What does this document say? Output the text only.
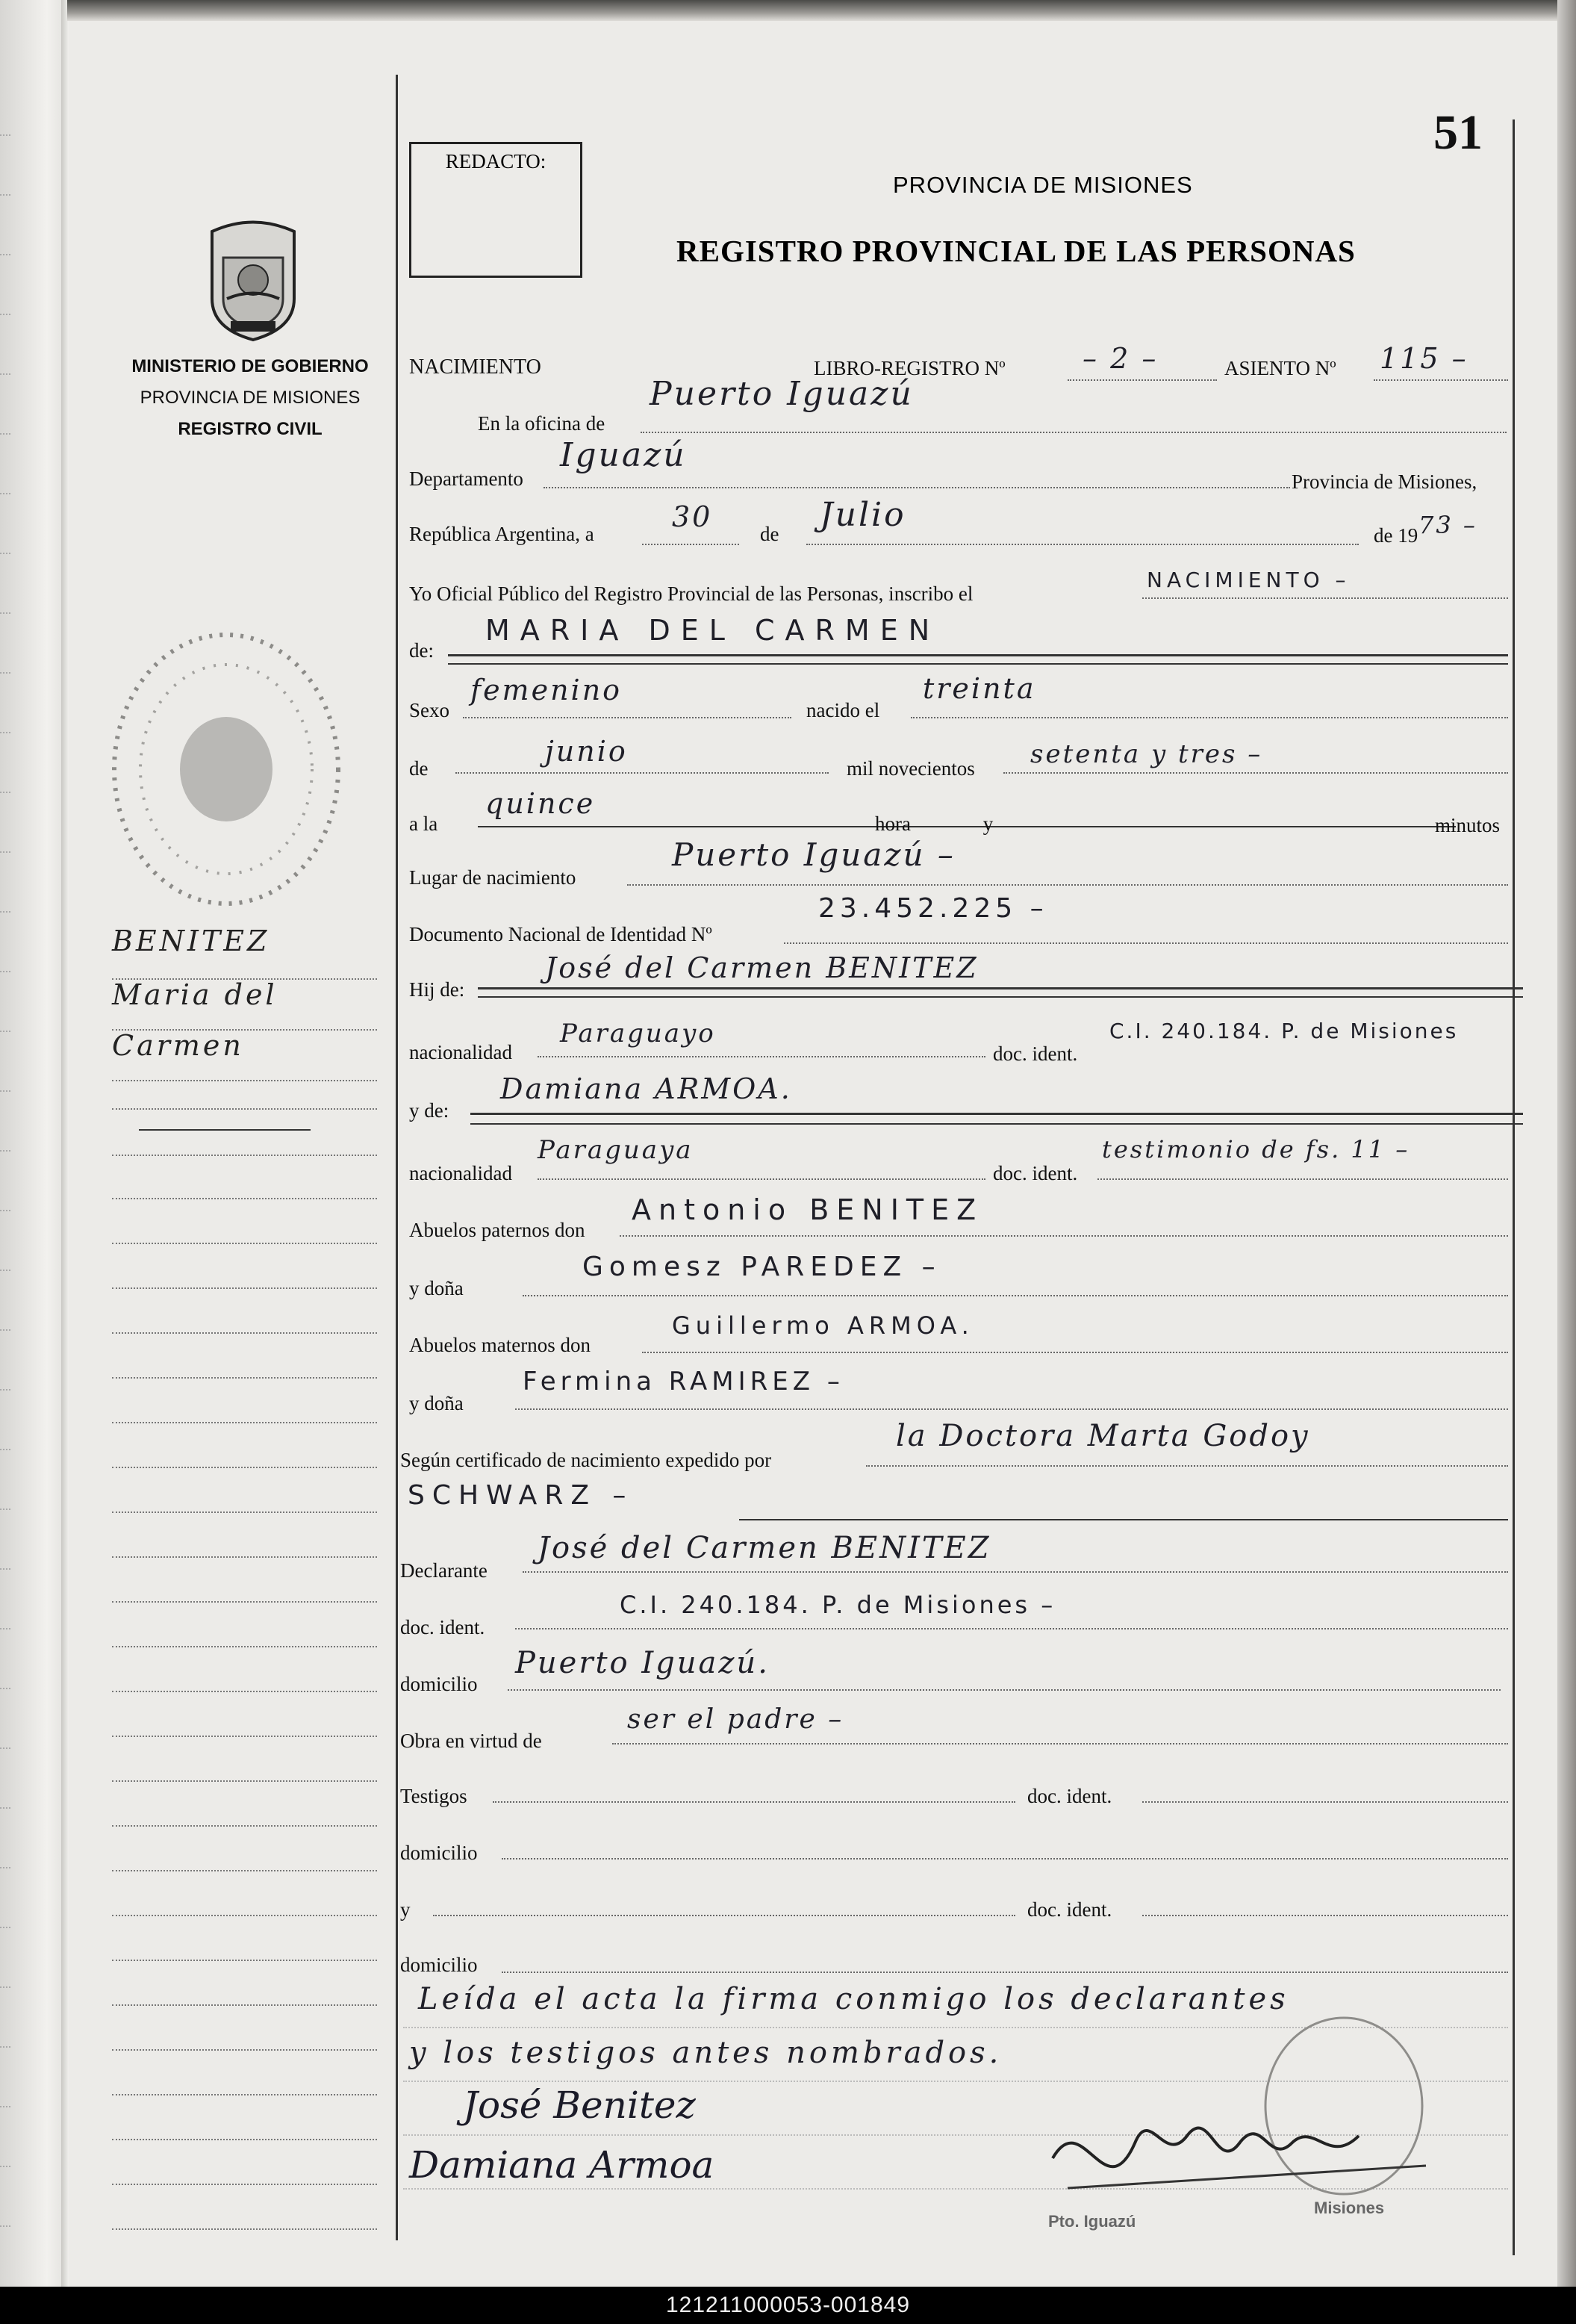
MINISTERIO DE GOBIERNO
PROVINCIA DE MISIONES
REGISTRO CIVIL
BENITEZ
Maria del
Carmen
REDACTO:
51
PROVINCIA DE MISIONES
REGISTRO PROVINCIAL DE LAS PERSONAS
NACIMIENTO	LIBRO-REGISTRO Nº	– 2 –	ASIENTO Nº 115 –
En la oficina de
Puerto Iguazú
Departamento
Iguazú
Provincia de Misiones,
República Argentina, a
30
de Julio
de 19 73 –
Yo Oficial Público del Registro Provincial de las Personas, inscribo el
NACIMIENTO –
de:
MARIA DEL CARMEN
Sexo
femenino
nacido el
treinta
de
junio
mil novecientos setenta y tres –
a la
quince
hora y	minutos
Lugar de nacimiento
Puerto Iguazú –
Documento Nacional de Identidad Nº
23.452.225 –
Hij de:
José del Carmen BENITEZ
nacionalidad
Paraguayo
doc. ident.
C.I. 240.184. P. de Misiones
y de:
Damiana ARMOA.
nacionalidad
Paraguaya
doc. ident.
testimonio de fs. 11 –
Abuelos paternos don
Antonio BENITEZ
y doña
Gomesz PAREDEZ –
Abuelos maternos don
Guillermo ARMOA.
y doña
Fermina RAMIREZ –
Según certificado de nacimiento expedido por
la Doctora Marta Godoy
SCHWARZ –
Declarante
José del Carmen BENITEZ
doc. ident.
C.I. 240.184. P. de Misiones –
domicilio
Puerto Iguazú.
Obra en virtud de
ser el padre –
Testigos	doc. ident.
domicilio
y	doc. ident.
domicilio
Leída el acta la firma conmigo los declarantes
y los testigos antes nombrados.
José Benitez
Damiana Armoa
Pto. Iguazú
Misiones
121211000053-001849
